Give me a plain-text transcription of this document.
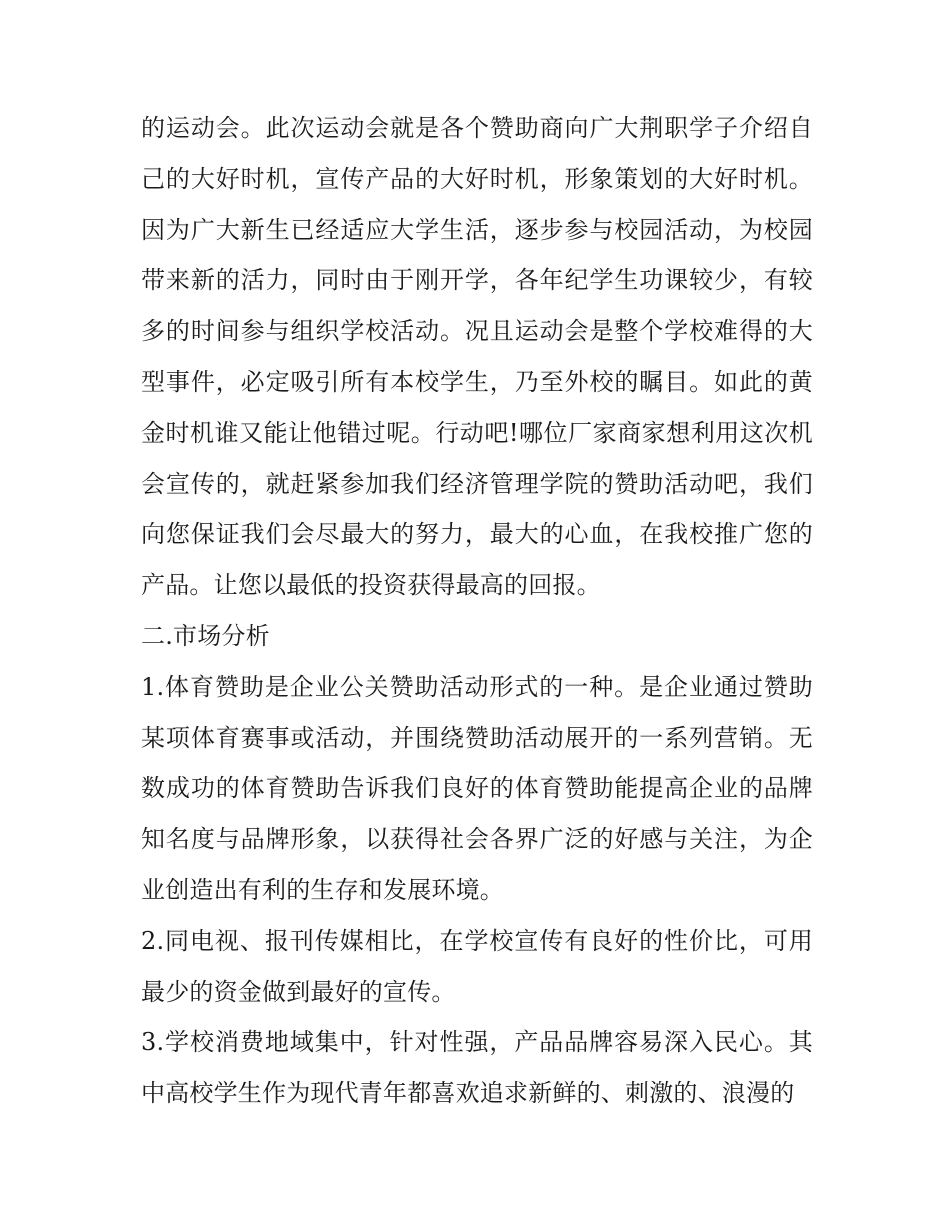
的运动会。此次运动会就是各个赞助商向广大荆职学子介绍自己的大好时机，宣传产品的大好时机，形象策划的大好时机。因为广大新生已经适应大学生活，逐步参与校园活动，为校园带来新的活力，同时由于刚开学，各年纪学生功课较少，有较多的时间参与组织学校活动。况且运动会是整个学校难得的大型事件，必定吸引所有本校学生，乃至外校的瞩目。如此的黄金时机谁又能让他错过呢。行动吧!哪位厂家商家想利用这次机会宣传的，就赶紧参加我们经济管理学院的赞助活动吧，我们向您保证我们会尽最大的努力，最大的心血，在我校推广您的产品。让您以最低的投资获得最高的回报。

二.市场分析

1.体育赞助是企业公关赞助活动形式的一种。是企业通过赞助某项体育赛事或活动，并围绕赞助活动展开的一系列营销。无数成功的体育赞助告诉我们良好的体育赞助能提高企业的品牌知名度与品牌形象，以获得社会各界广泛的好感与关注，为企业创造出有利的生存和发展环境。

2.同电视、报刊传媒相比，在学校宣传有良好的性价比，可用最少的资金做到最好的宣传。

3.学校消费地域集中，针对性强，产品品牌容易深入民心。其中高校学生作为现代青年都喜欢追求新鲜的、刺激的、浪漫的
